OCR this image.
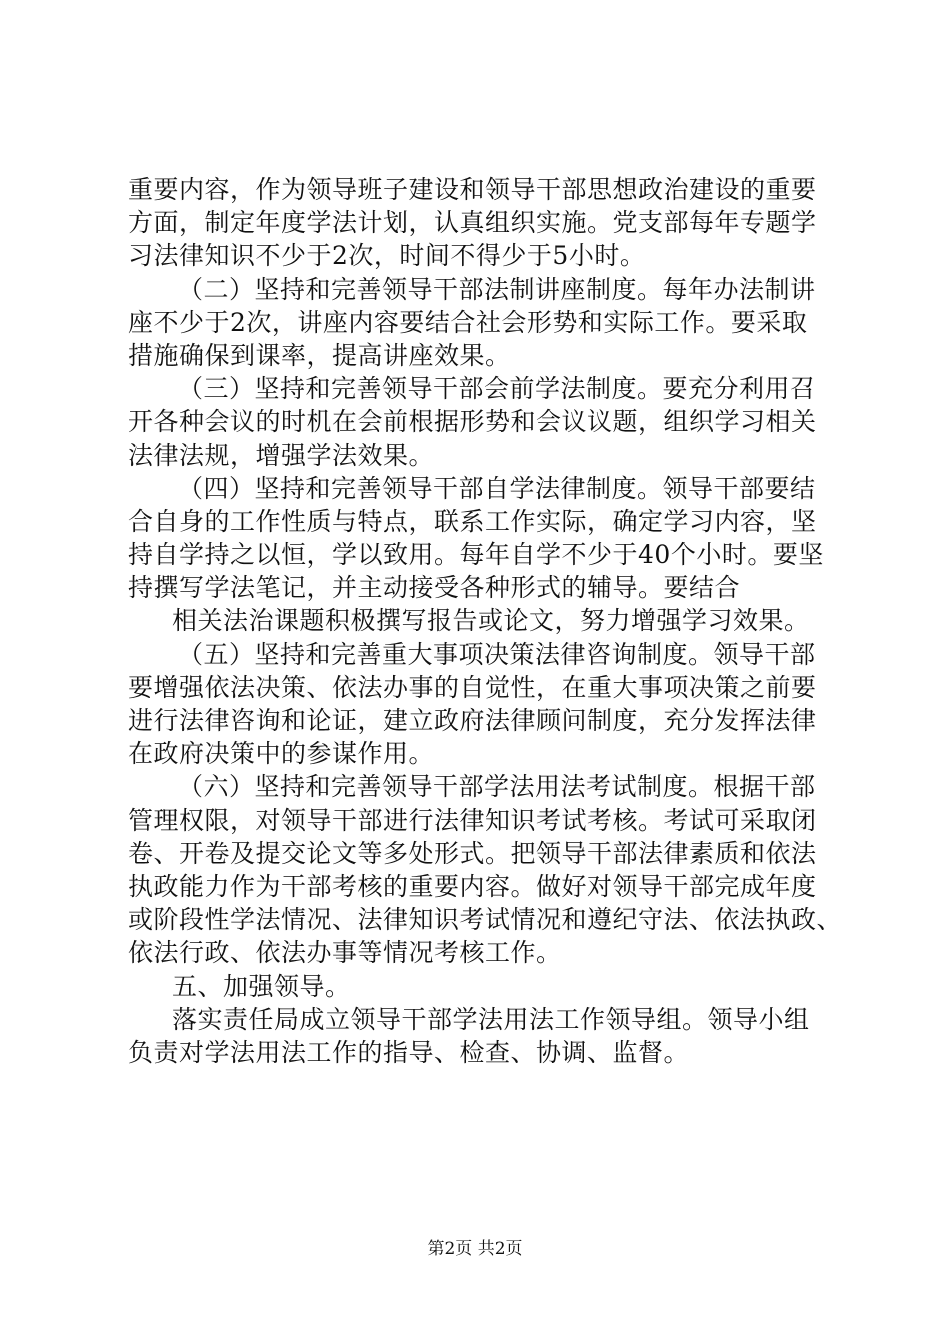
重要内容，作为领导班子建设和领导干部思想政治建设的重要
方面，制定年度学法计划，认真组织实施。党支部每年专题学
习法律知识不少于2次，时间不得少于5小时。
（二）坚持和完善领导干部法制讲座制度。每年办法制讲
座不少于2次，讲座内容要结合社会形势和实际工作。要采取
措施确保到课率，提高讲座效果。
（三）坚持和完善领导干部会前学法制度。要充分利用召
开各种会议的时机在会前根据形势和会议议题，组织学习相关
法律法规，增强学法效果。
（四）坚持和完善领导干部自学法律制度。领导干部要结
合自身的工作性质与特点，联系工作实际，确定学习内容，坚
持自学持之以恒，学以致用。每年自学不少于40个小时。要坚
持撰写学法笔记，并主动接受各种形式的辅导。要结合
相关法治课题积极撰写报告或论文，努力增强学习效果。
（五）坚持和完善重大事项决策法律咨询制度。领导干部
要增强依法决策、依法办事的自觉性，在重大事项决策之前要
进行法律咨询和论证，建立政府法律顾问制度，充分发挥法律
在政府决策中的参谋作用。
（六）坚持和完善领导干部学法用法考试制度。根据干部
管理权限，对领导干部进行法律知识考试考核。考试可采取闭
卷、开卷及提交论文等多处形式。把领导干部法律素质和依法
执政能力作为干部考核的重要内容。做好对领导干部完成年度
或阶段性学法情况、法律知识考试情况和遵纪守法、依法执政、
依法行政、依法办事等情况考核工作。
五、加强领导。
落实责任局成立领导干部学法用法工作领导组。领导小组
负责对学法用法工作的指导、检查、协调、监督。
第2页 共2页
